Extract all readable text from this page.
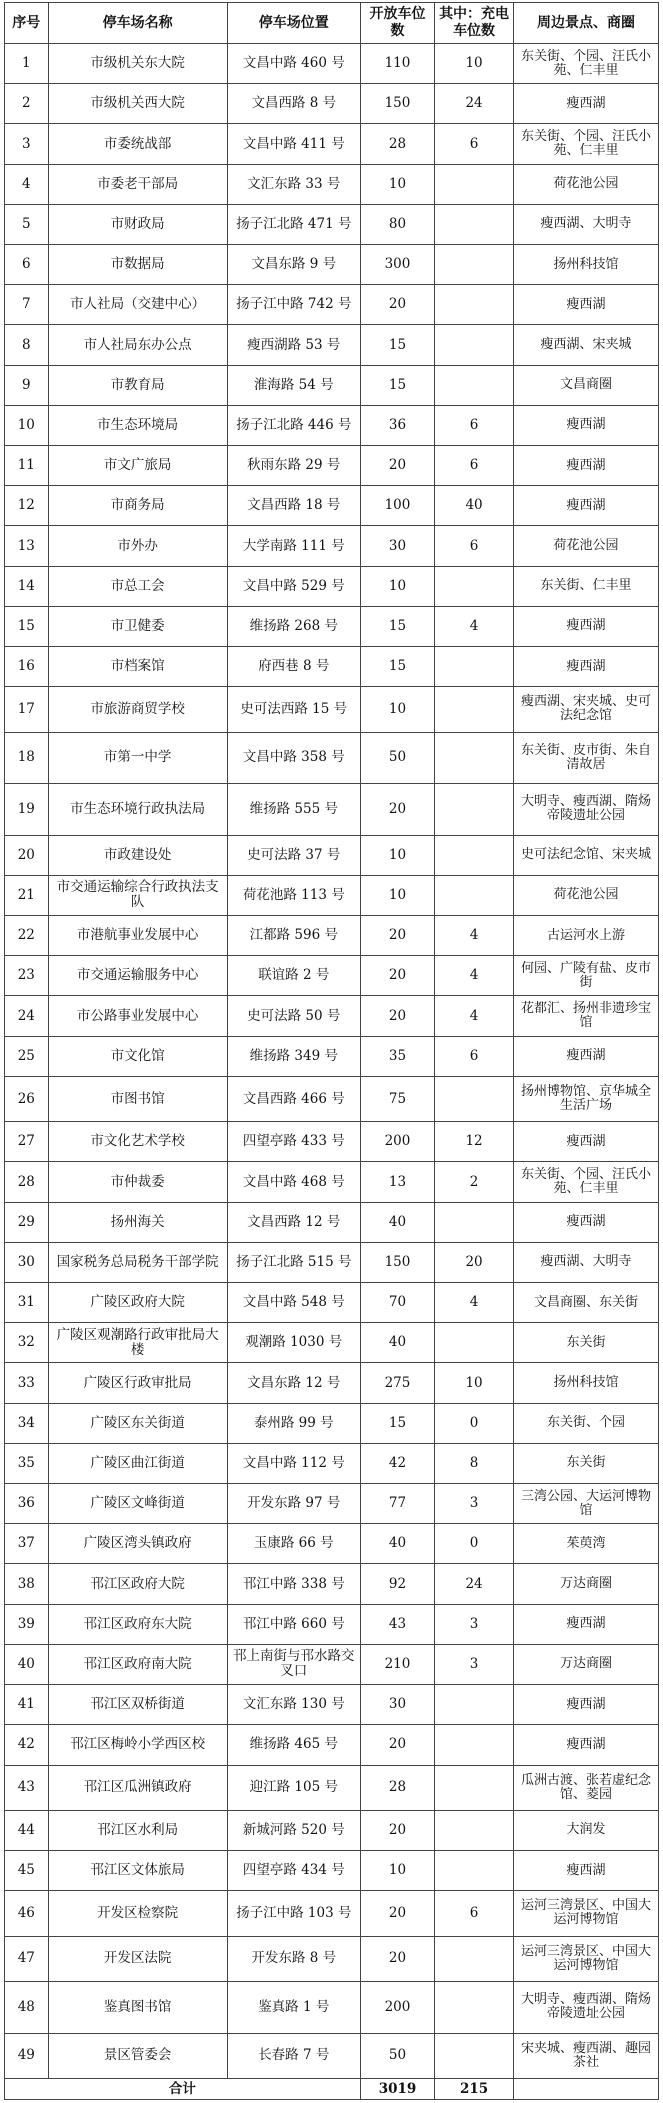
序号	停车场名称	停车场位置	开放车位数	其中：充电车位数	周边景点、商圈
1	市级机关东大院	文昌中路 460 号	110	10	东关街、个园、汪氏小苑、仁丰里
2	市级机关西大院	文昌西路 8 号	150	24	瘦西湖
3	市委统战部	文昌中路 411 号	28	6	东关街、个园、汪氏小苑、仁丰里
4	市委老干部局	文汇东路 33 号	10		荷花池公园
5	市财政局	扬子江北路 471 号	80		瘦西湖、大明寺
6	市数据局	文昌东路 9 号	300		扬州科技馆
7	市人社局（交建中心）	扬子江中路 742 号	20		瘦西湖
8	市人社局东办公点	瘦西湖路 53 号	15		瘦西湖、宋夹城
9	市教育局	淮海路 54 号	15		文昌商圈
10	市生态环境局	扬子江北路 446 号	36	6	瘦西湖
11	市文广旅局	秋雨东路 29 号	20	6	瘦西湖
12	市商务局	文昌西路 18 号	100	40	瘦西湖
13	市外办	大学南路 111 号	30	6	荷花池公园
14	市总工会	文昌中路 529 号	10		东关街、仁丰里
15	市卫健委	维扬路 268 号	15	4	瘦西湖
16	市档案馆	府西巷 8 号	15		瘦西湖
17	市旅游商贸学校	史可法西路 15 号	10		瘦西湖、宋夹城、史可法纪念馆
18	市第一中学	文昌中路 358 号	50		东关街、皮市街、朱自清故居
19	市生态环境行政执法局	维扬路 555 号	20		大明寺、瘦西湖、隋炀帝陵遗址公园
20	市政建设处	史可法路 37 号	10		史可法纪念馆、宋夹城
21	市交通运输综合行政执法支队	荷花池路 113 号	10		荷花池公园
22	市港航事业发展中心	江都路 596 号	20	4	古运河水上游
23	市交通运输服务中心	联谊路 2 号	20	4	何园、广陵有盐、皮市街
24	市公路事业发展中心	史可法路 50 号	20	4	花都汇、扬州非遗珍宝馆
25	市文化馆	维扬路 349 号	35	6	瘦西湖
26	市图书馆	文昌西路 466 号	75		扬州博物馆、京华城全生活广场
27	市文化艺术学校	四望亭路 433 号	200	12	瘦西湖
28	市仲裁委	文昌中路 468 号	13	2	东关街、个园、汪氏小苑、仁丰里
29	扬州海关	文昌西路 12 号	40		瘦西湖
30	国家税务总局税务干部学院	扬子江北路 515 号	150	20	瘦西湖、大明寺
31	广陵区政府大院	文昌中路 548 号	70	4	文昌商圈、东关街
32	广陵区观潮路行政审批局大楼	观潮路 1030 号	40		东关街
33	广陵区行政审批局	文昌东路 12 号	275	10	扬州科技馆
34	广陵区东关街道	泰州路 99 号	15	0	东关街、个园
35	广陵区曲江街道	文昌中路 112 号	42	8	东关街
36	广陵区文峰街道	开发东路 97 号	77	3	三湾公园、大运河博物馆
37	广陵区湾头镇政府	玉康路 66 号	40	0	茱萸湾
38	邗江区政府大院	邗江中路 338 号	92	24	万达商圈
39	邗江区政府东大院	邗江中路 660 号	43	3	瘦西湖
40	邗江区政府南大院	邗上南街与邗水路交叉口	210	3	万达商圈
41	邗江区双桥街道	文汇东路 130 号	30		瘦西湖
42	邗江区梅岭小学西区校	维扬路 465 号	20		瘦西湖
43	邗江区瓜洲镇政府	迎江路 105 号	28		瓜洲古渡、张若虚纪念馆、菱园
44	邗江区水利局	新城河路 520 号	20		大润发
45	邗江区文体旅局	四望亭路 434 号	10		瘦西湖
46	开发区检察院	扬子江中路 103 号	20	6	运河三湾景区、中国大运河博物馆
47	开发区法院	开发东路 8 号	20		运河三湾景区、中国大运河博物馆
48	鉴真图书馆	鉴真路 1 号	200		大明寺、瘦西湖、隋炀帝陵遗址公园
49	景区管委会	长春路 7 号	50		宋夹城、瘦西湖、趣园茶社
合计			3019	215	
